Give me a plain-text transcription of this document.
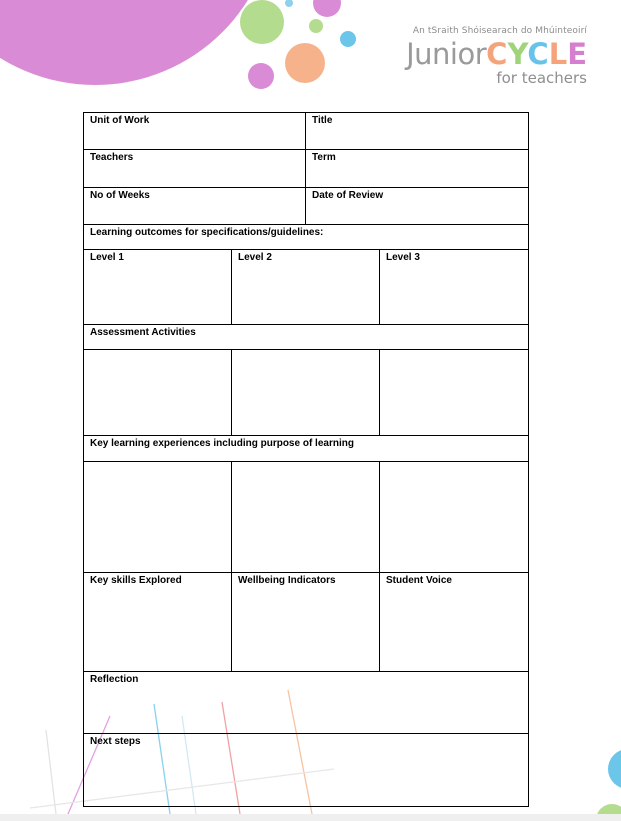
An tSraith Shóisearach do Mhúinteoirí
JuniorCYCLE
for teachers
Unit of Work		Title	
Teachers		Term	
No of Weeks		Date of Review	
Learning outcomes for specifications/guidelines:			
Level 1	Level 2		Level 3
Assessment Activities			

Key learning experiences including purpose of learning			

Key skills Explored	Wellbeing Indicators		Student Voice
Reflection			
Next steps			
